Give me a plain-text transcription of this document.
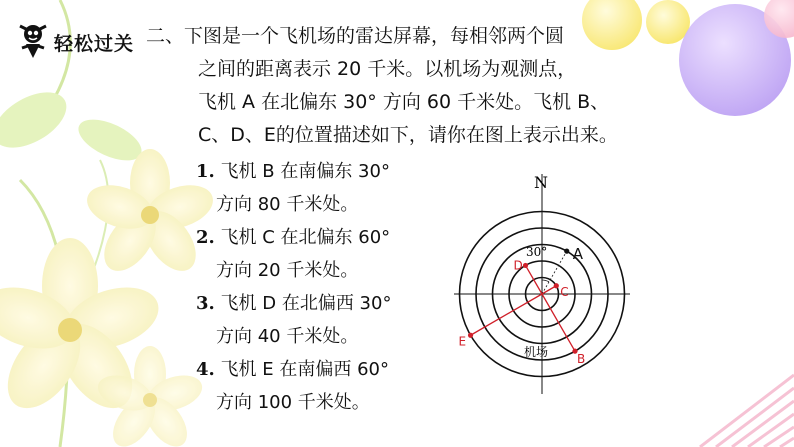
轻松过关 二、下图是一个飞机场的雷达屏幕，每相邻两个圆
之间的距离表示 20 千米。以机场为观测点，
飞机 A 在北偏东 30° 方向 60 千米处。飞机 B、
C、D、E的位置描述如下，请你在图上表示出来。
1. 飞机 B 在南偏东 30°
方向 80 千米处。
2. 飞机 C 在北偏东 60°
方向 20 千米处。
3. 飞机 D 在北偏西 30°
方向 40 千米处。
4. 飞机 E 在南偏西 60°
方向 100 千米处。
N
A
B
C
D
E
30°
机场
